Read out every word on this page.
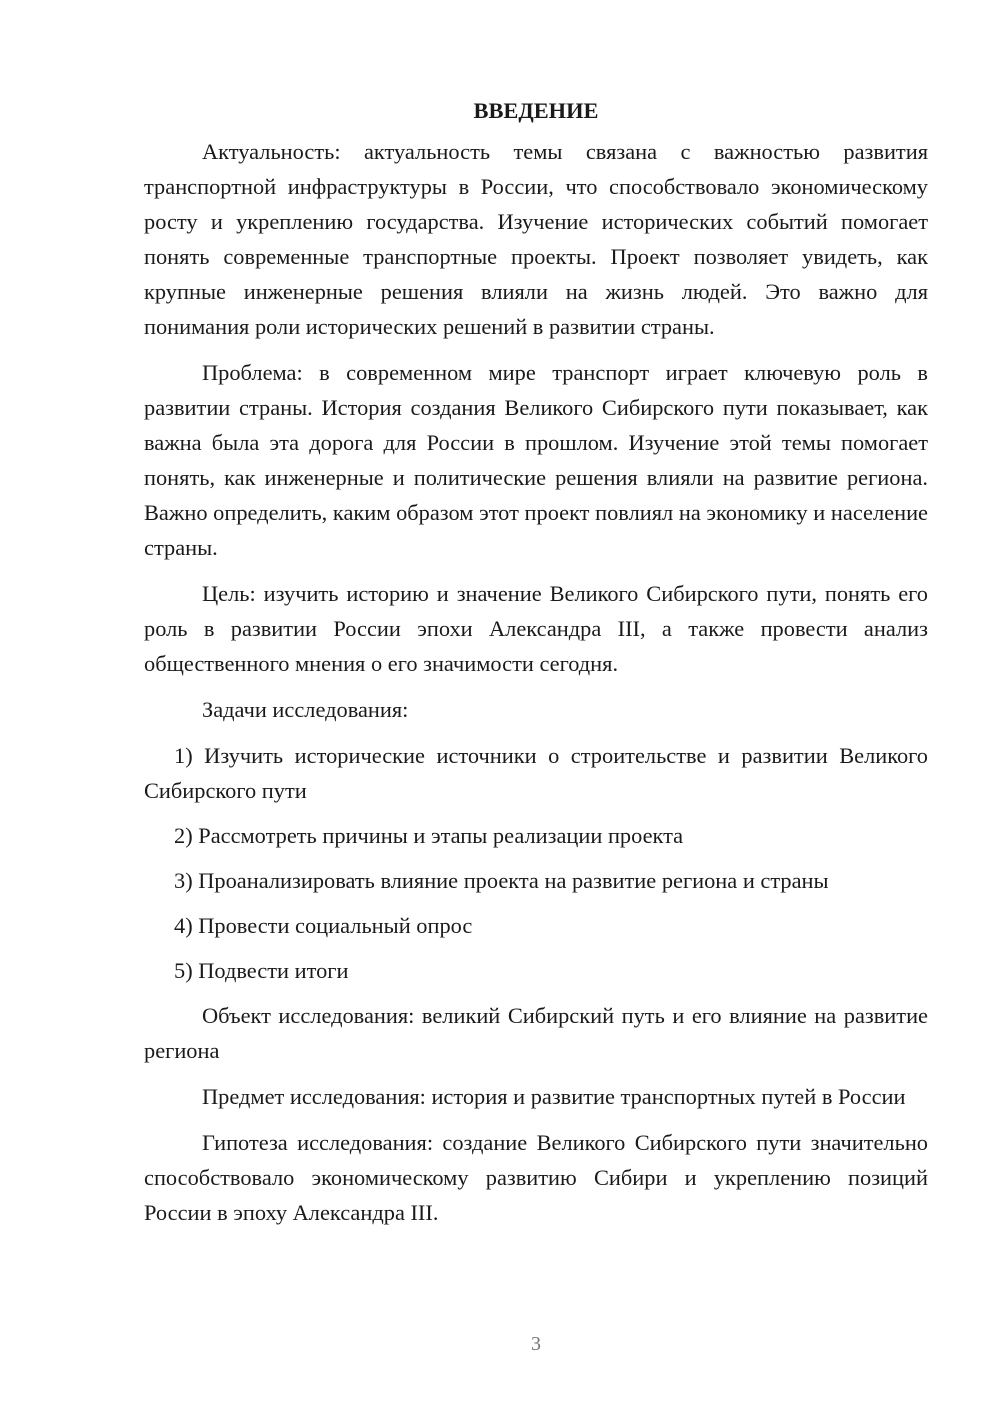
ВВЕДЕНИЕ

Актуальность: актуальность темы связана с важностью развития транспортной инфраструктуры в России, что способствовало экономическому росту и укреплению государства. Изучение исторических событий помогает понять современные транспортные проекты. Проект позволяет увидеть, как крупные инженерные решения влияли на жизнь людей. Это важно для понимания роли исторических решений в развитии страны.

Проблема: в современном мире транспорт играет ключевую роль в развитии страны. История создания Великого Сибирского пути показывает, как важна была эта дорога для России в прошлом. Изучение этой темы помогает понять, как инженерные и политические решения влияли на развитие региона. Важно определить, каким образом этот проект повлиял на экономику и население страны.

Цель: изучить историю и значение Великого Сибирского пути, понять его роль в развитии России эпохи Александра III, а также провести анализ общественного мнения о его значимости сегодня.

Задачи исследования:

1) Изучить исторические источники о строительстве и развитии Великого Сибирского пути

2) Рассмотреть причины и этапы реализации проекта

3) Проанализировать влияние проекта на развитие региона и страны

4) Провести социальный опрос

5) Подвести итоги

Объект исследования: великий Сибирский путь и его влияние на развитие региона

Предмет исследования: история и развитие транспортных путей в России

Гипотеза исследования: создание Великого Сибирского пути значительно способствовало экономическому развитию Сибири и укреплению позиций России в эпоху Александра III.

3
